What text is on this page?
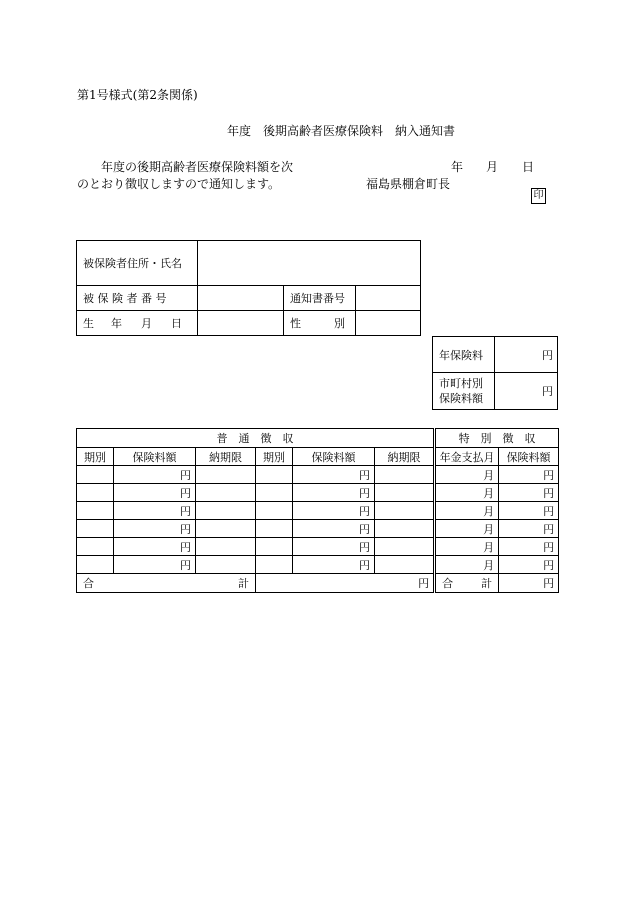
第1号様式(第2条関係)
年度　後期高齢者医療保険料　納入通知書
年度の後期高齢者医療保険料額を次
のとおり徴収しますので通知します。
年 月 日
福島県棚倉町長
印
被保険者住所・氏名			
被 保 険 者 番 号		通知書番号	
生 年 月 日		性　　　別	
年保険料	円

市町村別
保険料額	円
普　通　徴　収						特　別　徴　収	
期別	保険料額	納期限	期別	保険料額	納期限	年金支払月	保険料額
	円			円		月	円
	円			円		月	円
	円			円		月	円
	円			円		月	円
	円			円		月	円
	円			円		月	円

合 計			円			合 計	円
